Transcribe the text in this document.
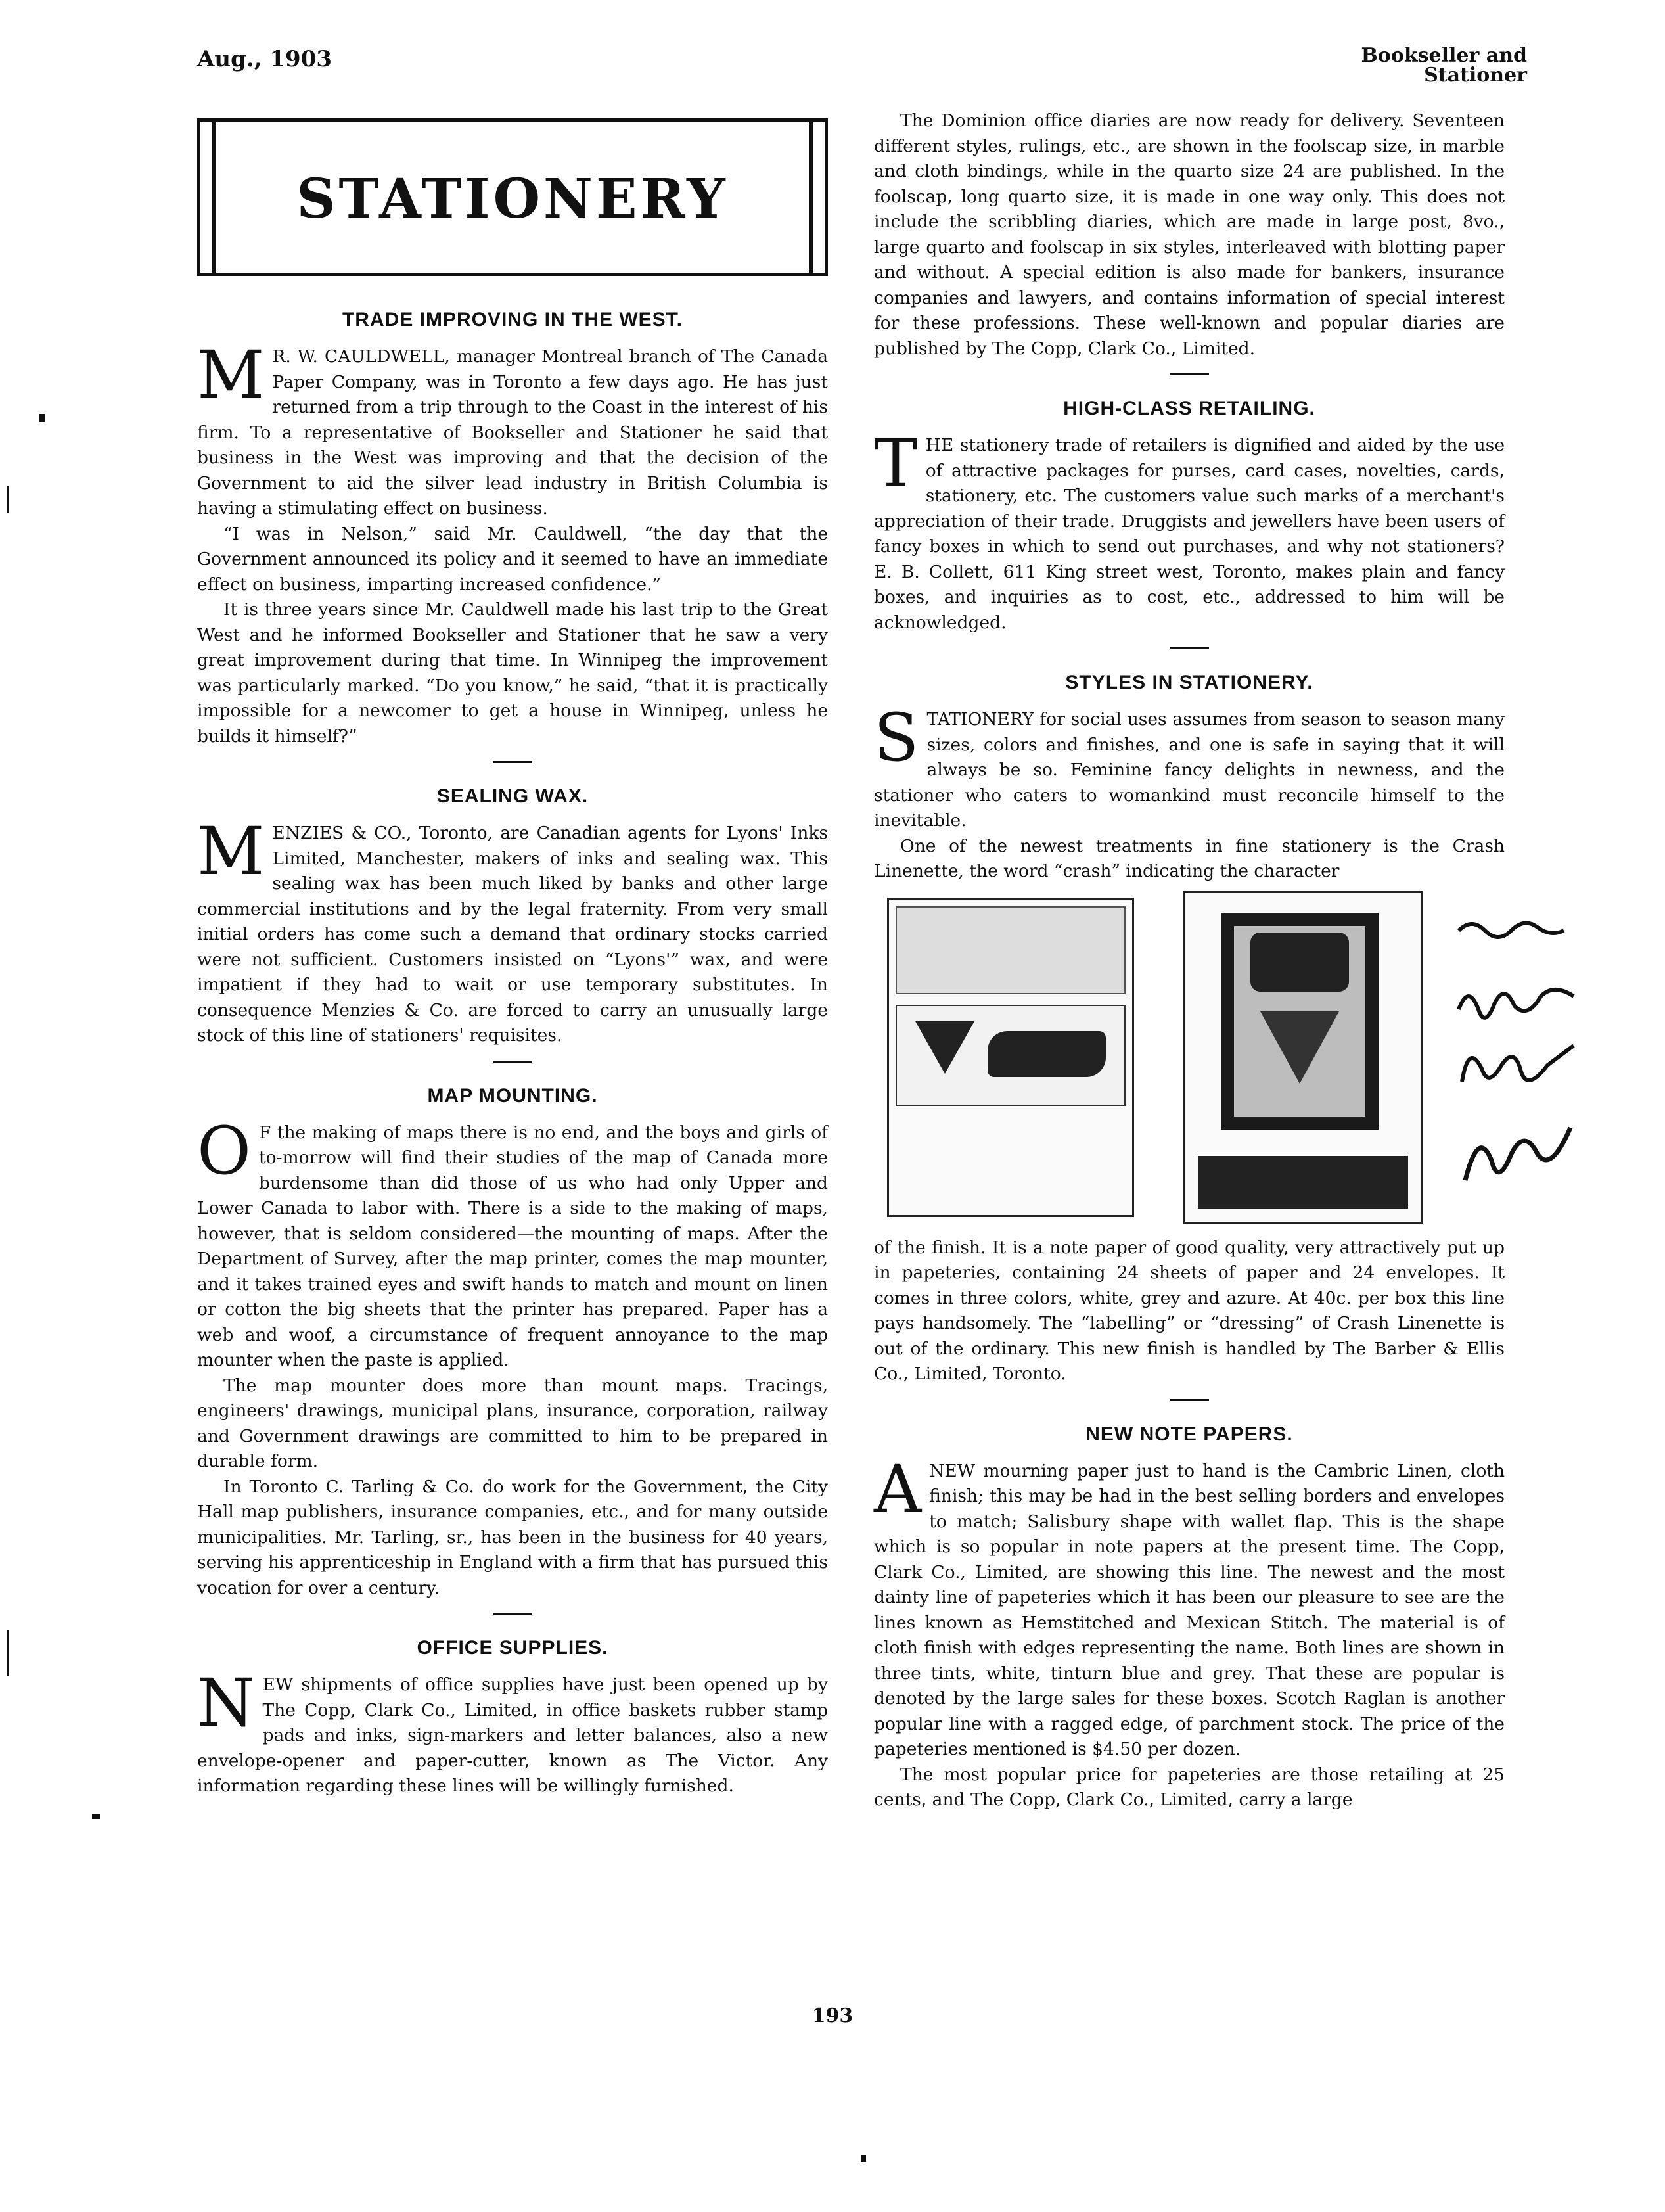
Aug., 1903	Bookseller and
Stationer
STATIONERY
TRADE IMPROVING IN THE WEST.

M R. W. CAULDWELL, manager Montreal branch of The Canada Paper Company, was in Toronto a few days ago. He has just returned from a trip through to the Coast in the interest of his firm. To a representative of Bookseller and Stationer he said that business in the West was improving and that the decision of the Government to aid the silver lead industry in British Columbia is having a stimulating effect on business.

“I was in Nelson,” said Mr. Cauldwell, “the day that the Government announced its policy and it seemed to have an immediate effect on business, imparting increased confidence.”

It is three years since Mr. Cauldwell made his last trip to the Great West and he informed Bookseller and Stationer that he saw a very great improvement during that time. In Winnipeg the improvement was particularly marked. “Do you know,” he said, “that it is practically impossible for a newcomer to get a house in Winnipeg, unless he builds it himself?”

SEALING WAX.

MENZIES & CO., Toronto, are Canadian agents for Lyons' Inks Limited, Manchester, makers of inks and sealing wax. This sealing wax has been much liked by banks and other large commercial institutions and by the legal fraternity. From very small initial orders has come such a demand that ordinary stocks carried were not sufficient. Customers insisted on “Lyons'” wax, and were impatient if they had to wait or use temporary substitutes. In consequence Menzies & Co. are forced to carry an unusually large stock of this line of stationers' requisites.

MAP MOUNTING.

O F the making of maps there is no end, and the boys and girls of to-morrow will find their studies of the map of Canada more burdensome than did those of us who had only Upper and Lower Canada to labor with. There is a side to the making of maps, however, that is seldom considered—the mounting of maps. After the Department of Survey, after the map printer, comes the map mounter, and it takes trained eyes and swift hands to match and mount on linen or cotton the big sheets that the printer has prepared. Paper has a web and woof, a circumstance of frequent annoyance to the map mounter when the paste is applied.

The map mounter does more than mount maps. Tracings, engineers' drawings, municipal plans, insurance, corporation, railway and Government drawings are committed to him to be prepared in durable form.

In Toronto C. Tarling & Co. do work for the Government, the City Hall map publishers, insurance companies, etc., and for many outside municipalities. Mr. Tarling, sr., has been in the business for 40 years, serving his apprenticeship in England with a firm that has pursued this vocation for over a century.

OFFICE SUPPLIES.

NEW shipments of office supplies have just been opened up by The Copp, Clark Co., Limited, in office baskets rubber stamp pads and inks, sign-markers and letter balances, also a new envelope-opener and paper-cutter, known as The Victor. Any information regarding these lines will be willingly furnished.

The Dominion office diaries are now ready for delivery. Seventeen different styles, rulings, etc., are shown in the foolscap size, in marble and cloth bindings, while in the quarto size 24 are published. In the foolscap, long quarto size, it is made in one way only. This does not include the scribbling diaries, which are made in large post, 8vo., large quarto and foolscap in six styles, interleaved with blotting paper and without. A special edition is also made for bankers, insurance companies and lawyers, and contains information of special interest for these professions. These well-known and popular diaries are published by The Copp, Clark Co., Limited.

HIGH-CLASS RETAILING.

THE stationery trade of retailers is dignified and aided by the use of attractive packages for purses, card cases, novelties, cards, stationery, etc. The customers value such marks of a merchant's appreciation of their trade. Druggists and jewellers have been users of fancy boxes in which to send out purchases, and why not stationers? E. B. Collett, 611 King street west, Toronto, makes plain and fancy boxes, and inquiries as to cost, etc., addressed to him will be acknowledged.

STYLES IN STATIONERY.

STATIONERY for social uses assumes from season to season many sizes, colors and finishes, and one is safe in saying that it will always be so. Feminine fancy delights in newness, and the stationer who caters to womankind must reconcile himself to the inevitable.

One of the newest treatments in fine stationery is the Crash Linenette, the word “crash” indicating the character

of the finish. It is a note paper of good quality, very attractively put up in papeteries, containing 24 sheets of paper and 24 envelopes. It comes in three colors, white, grey and azure. At 40c. per box this line pays handsomely. The “labelling” or “dressing” of Crash Linenette is out of the ordinary. This new finish is handled by The Barber & Ellis Co., Limited, Toronto.

NEW NOTE PAPERS.

ANEW mourning paper just to hand is the Cambric Linen, cloth finish; this may be had in the best selling borders and envelopes to match; Salisbury shape with wallet flap. This is the shape which is so popular in note papers at the present time. The Copp, Clark Co., Limited, are showing this line. The newest and the most dainty line of papeteries which it has been our pleasure to see are the lines known as Hemstitched and Mexican Stitch. The material is of cloth finish with edges representing the name. Both lines are shown in three tints, white, tinturn blue and grey. That these are popular is denoted by the large sales for these boxes. Scotch Raglan is another popular line with a ragged edge, of parchment stock. The price of the papeteries mentioned is $4.50 per dozen.

The most popular price for papeteries are those retailing at 25 cents, and The Copp, Clark Co., Limited, carry a large

193
